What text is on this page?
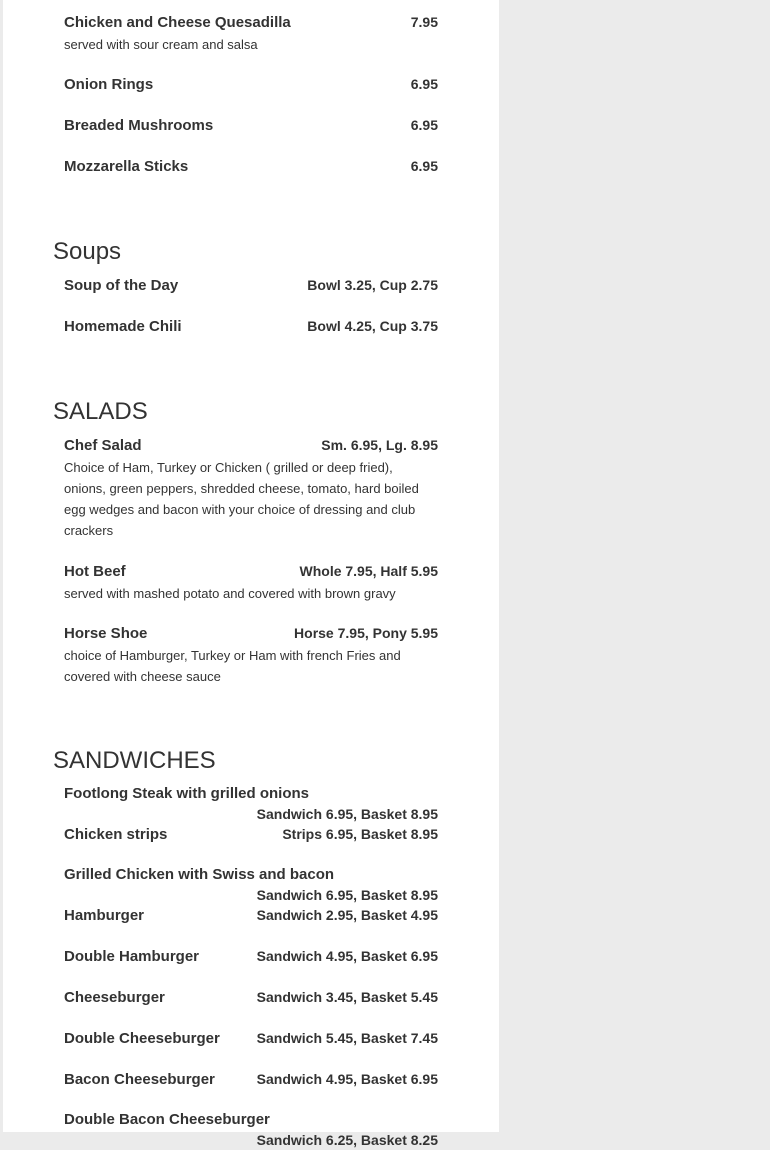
Chicken and Cheese Quesadilla	7.95
served with sour cream and salsa
Onion Rings	6.95
Breaded Mushrooms	6.95
Mozzarella Sticks	6.95
Soups
Soup of the Day	Bowl 3.25, Cup 2.75
Homemade Chili	Bowl 4.25, Cup 3.75
SALADS
Chef Salad	Sm. 6.95, Lg. 8.95
Choice of Ham, Turkey or Chicken ( grilled or deep fried), onions, green peppers, shredded cheese, tomato, hard boiled egg wedges and bacon with your choice of dressing and club crackers
Hot Beef	Whole 7.95, Half 5.95
served with mashed potato and covered with brown gravy
Horse Shoe	Horse 7.95, Pony 5.95
choice of Hamburger, Turkey or Ham with french Fries and covered with cheese sauce
SANDWICHES
Footlong Steak with grilled onions
Sandwich 6.95, Basket 8.95
Chicken strips	Strips 6.95, Basket 8.95
Grilled Chicken with Swiss and bacon
Sandwich 6.95, Basket 8.95
Hamburger	Sandwich 2.95, Basket 4.95
Double Hamburger	Sandwich 4.95, Basket 6.95
Cheeseburger	Sandwich 3.45, Basket 5.45
Double Cheeseburger	Sandwich 5.45, Basket 7.45
Bacon Cheeseburger	Sandwich 4.95, Basket 6.95
Double Bacon Cheeseburger
Sandwich 6.25, Basket 8.25
